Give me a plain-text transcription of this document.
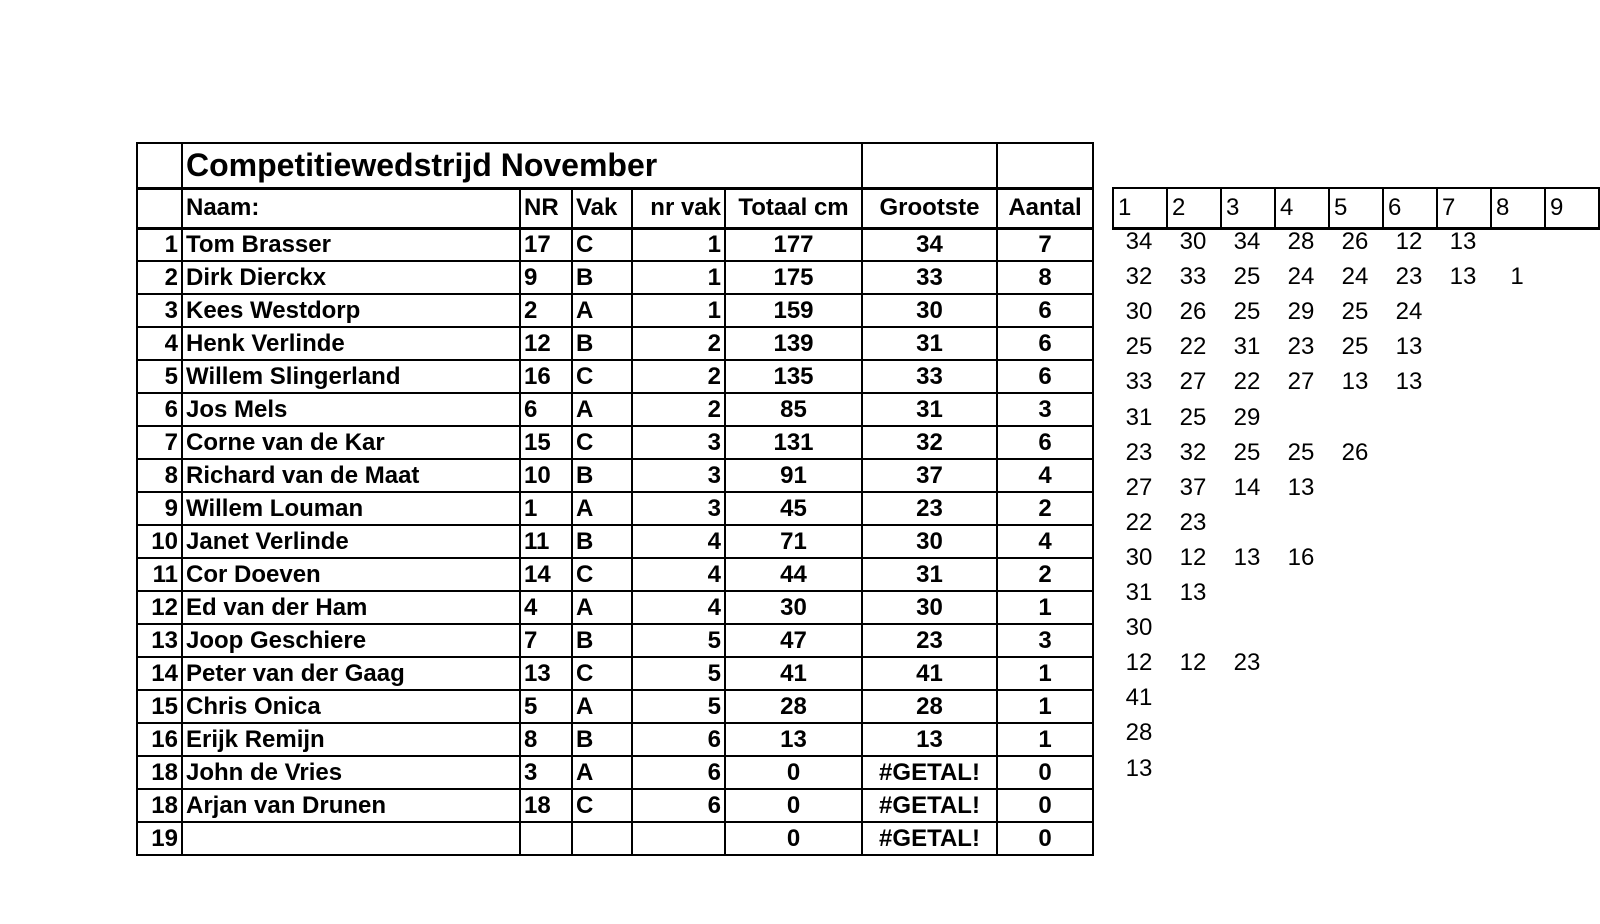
	Competitiewedstrijd November						
	Naam:	NR	Vak	nr vak	Totaal cm	Grootste	Aantal
1	Tom Brasser	17	C	1	177	34	7
2	Dirk Dierckx	9	B	1	175	33	8
3	Kees Westdorp	2	A	1	159	30	6
4	Henk Verlinde	12	B	2	139	31	6
5	Willem Slingerland	16	C	2	135	33	6
6	Jos Mels	6	A	2	85	31	3
7	Corne van de Kar	15	C	3	131	32	6
8	Richard van de Maat	10	B	3	91	37	4
9	Willem Louman	1	A	3	45	23	2
10	Janet Verlinde	11	B	4	71	30	4
11	Cor Doeven	14	C	4	44	31	2
12	Ed van der Ham	4	A	4	30	30	1
13	Joop Geschiere	7	B	5	47	23	3
14	Peter van der Gaag	13	C	5	41	41	1
15	Chris Onica	5	A	5	28	28	1
16	Erijk Remijn	8	B	6	13	13	1
18	John de Vries	3	A	6	0	#GETAL!	0
18	Arjan van Drunen	18	C	6	0	#GETAL!	0
19					0	#GETAL!	0
1	2	3	4	5	6	7	8	9
34 30 34 28 26 12 13
32 33 25 24 24 23 13 1
30 26 25 29 25 24
25 22 31 23 25 13
33 27 22 27 13 13
31 25 29
23 32 25 25 26
27 37 14 13
22 23
30 12 13 16
31 13
30
12 12 23
41
28
13
